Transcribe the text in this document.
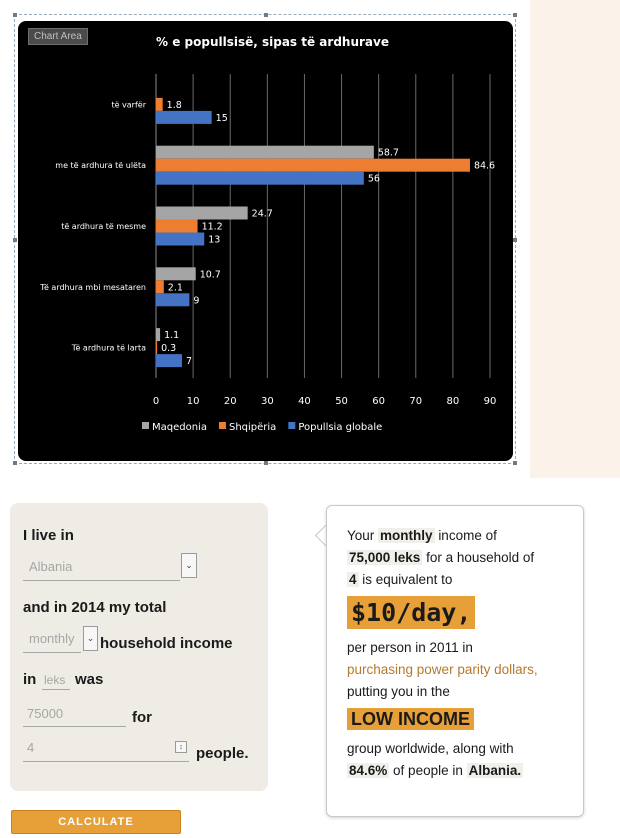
% e popullsisë, sipas të ardhurave
0	10 20 30 40 50 60 70 80 90
të varfër 1.8
15
me të ardhura të ulëta
58.7
84.6
56
të ardhura të mesme
24.7
11.2
13
Të ardhura mbi mesataren
10.7
2.1
9
Të ardhura të larta
1.1
0.3
7
Maqedonia Shqipëria Popullsia globale
Chart Area
I live in
Albania	⌄
and in 2014 my total
monthly ⌄ household income
in leks was
75000	for
4	↕ people.
CALCULATE
Your monthly income of
75,000 leks for a household of
4 is equivalent to
$10/day,
per person in 2011 in
purchasing power parity dollars,
putting you in the
LOW INCOME
group worldwide, along with
84.6% of people in Albania.
